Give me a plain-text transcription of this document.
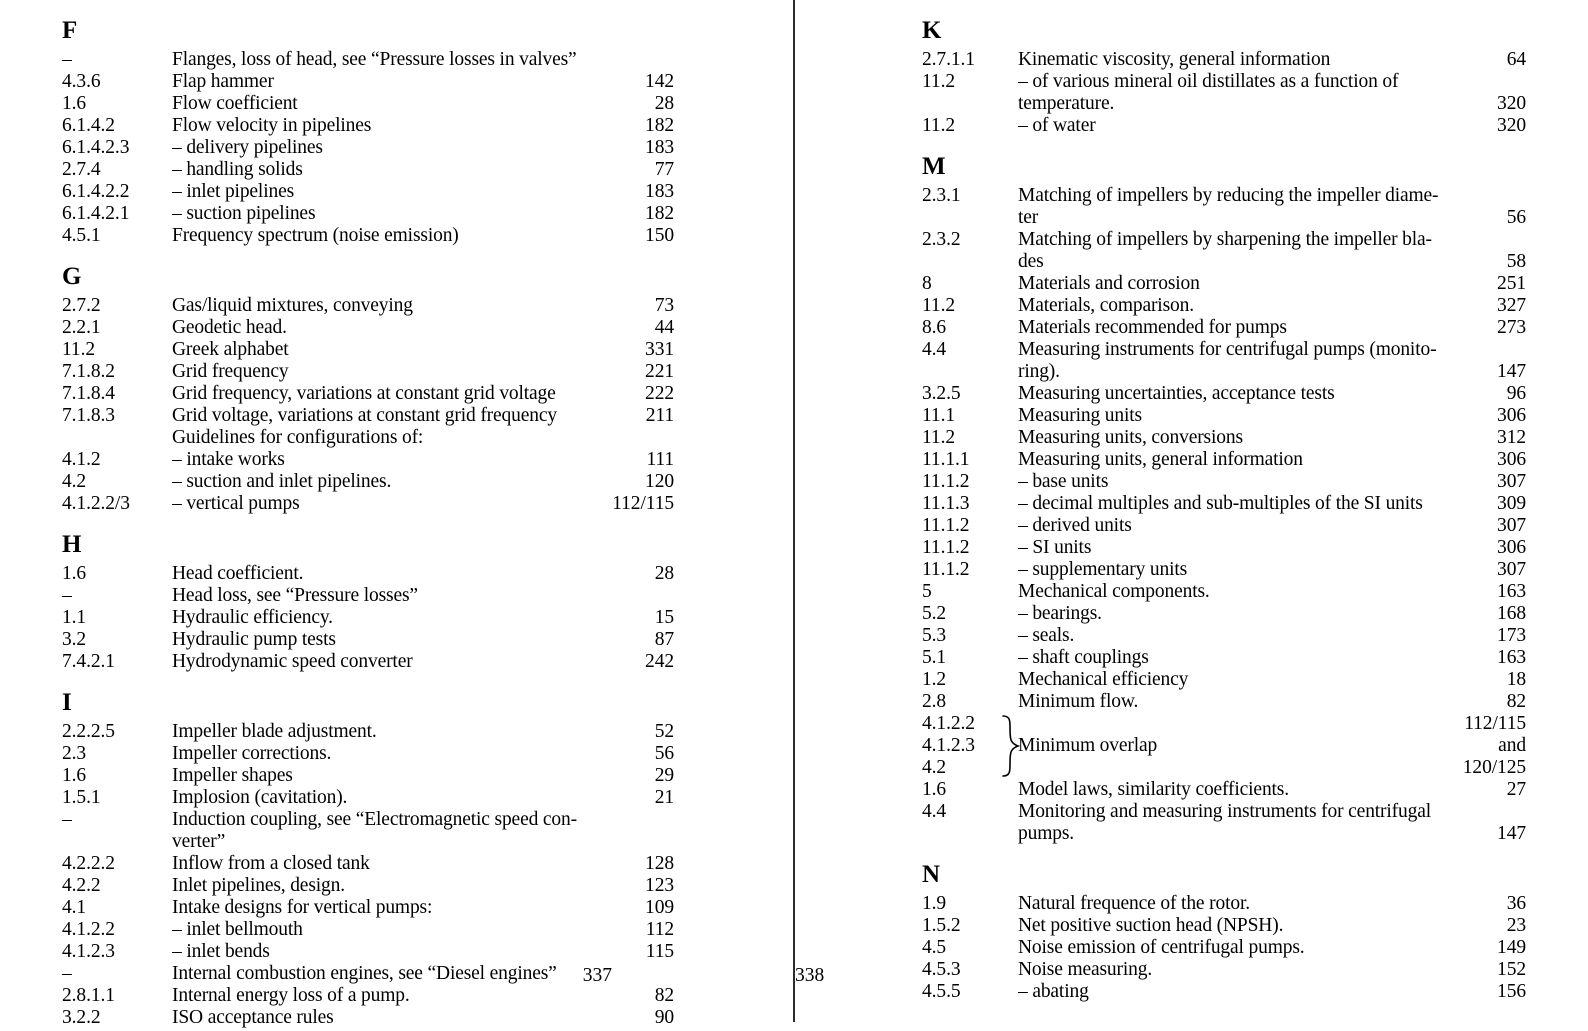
F
–	Flanges, loss of head, see “Pressure losses in valves”
4.3.6	Flap hammer	142
1.6	Flow coefficient	28
6.1.4.2	Flow velocity in pipelines	182
6.1.4.2.3	– delivery pipelines	183
2.7.4	– handling solids	77
6.1.4.2.2	– inlet pipelines	183
6.1.4.2.1	– suction pipelines	182
4.5.1	Frequency spectrum (noise emission)	150
G
2.7.2	Gas/liquid mixtures, conveying	73
2.2.1	Geodetic head.	44
11.2	Greek alphabet	331
7.1.8.2	Grid frequency	221
7.1.8.4	Grid frequency, variations at constant grid voltage	222
7.1.8.3	Grid voltage, variations at constant grid frequency	211
Guidelines for configurations of:
4.1.2	– intake works	111
4.2	– suction and inlet pipelines.	120
4.1.2.2/3	– vertical pumps	112/115
H
1.6	Head coefficient.	28
–	Head loss, see “Pressure losses”
1.1	Hydraulic efficiency.	15
3.2	Hydraulic pump tests	87
7.4.2.1	Hydrodynamic speed converter	242
I
2.2.2.5	Impeller blade adjustment.	52
2.3	Impeller corrections.	56
1.6	Impeller shapes	29
1.5.1	Implosion (cavitation).	21
–	Induction coupling, see “Electromagnetic speed con-
verter”
4.2.2.2	Inflow from a closed tank	128
4.2.2	Inlet pipelines, design.	123
4.1	Intake designs for vertical pumps:	109
4.1.2.2	– inlet bellmouth	112
4.1.2.3	– inlet bends	115
–	Internal combustion engines, see “Diesel engines”
2.8.1.1	Internal energy loss of a pump.	82
3.2.2	ISO acceptance rules	90
337
K
2.7.1.1	Kinematic viscosity, general information	64
11.2	– of various mineral oil distillates as a function of
temperature.	320
11.2	– of water	320
M
2.3.1	Matching of impellers by reducing the impeller diame-
ter	56
2.3.2	Matching of impellers by sharpening the impeller bla-
des	58
8	Materials and corrosion	251
11.2	Materials, comparison.	327
8.6	Materials recommended for pumps	273
4.4	Measuring instruments for centrifugal pumps (monito-
ring).	147
3.2.5	Measuring uncertainties, acceptance tests	96
11.1	Measuring units	306
11.2	Measuring units, conversions	312
11.1.1	Measuring units, general information	306
11.1.2	– base units	307
11.1.3	– decimal multiples and sub-multiples of the SI units	309
11.1.2	– derived units	307
11.1.2	– SI units	306
11.1.2	– supplementary units	307
5	Mechanical components.	163
5.2	– bearings.	168
5.3	– seals.	173
5.1	– shaft couplings	163
1.2	Mechanical efficiency	18
2.8	Minimum flow.	82
4.1.2.2	112/115
4.1.2.3	Minimum overlap	and
4.2	120/125
1.6	Model laws, similarity coefficients.	27
4.4	Monitoring and measuring instruments for centrifugal
pumps.	147
N
1.9	Natural frequence of the rotor.	36
1.5.2	Net positive suction head (NPSH).	23
4.5	Noise emission of centrifugal pumps.	149
4.5.3	Noise measuring.	152
4.5.5	– abating	156
338
